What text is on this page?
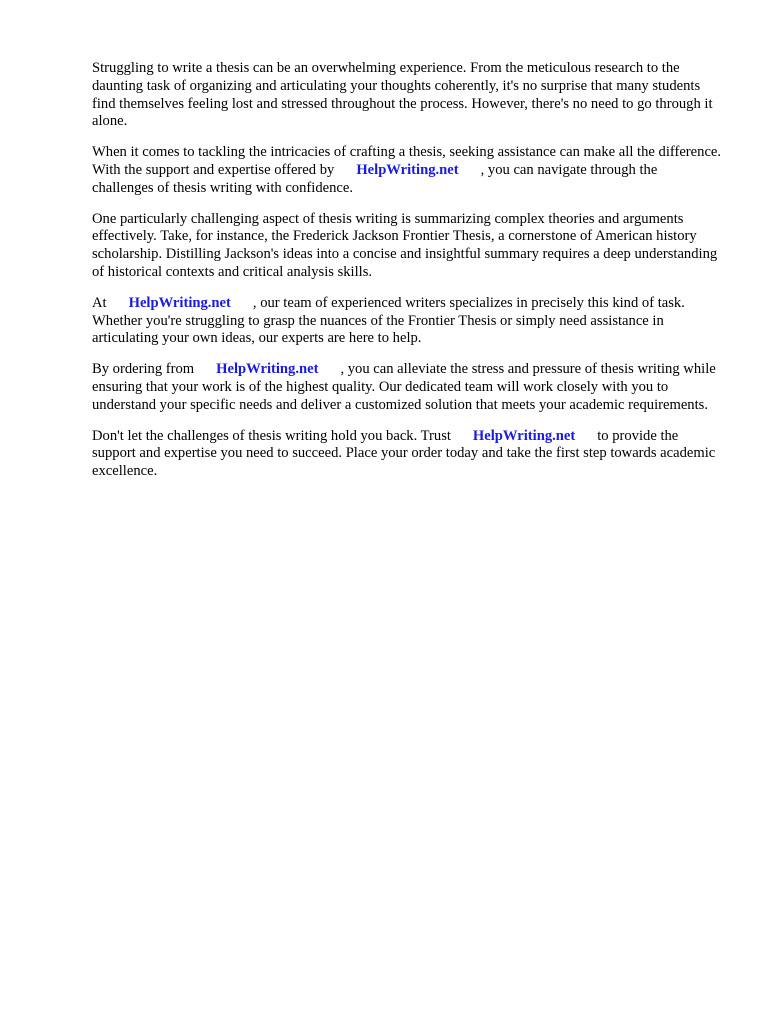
Struggling to write a thesis can be an overwhelming experience. From the meticulous research to the daunting task of organizing and articulating your thoughts coherently, it's no surprise that many students find themselves feeling lost and stressed throughout the process. However, there's no need to go through it alone.

When it comes to tackling the intricacies of crafting a thesis, seeking assistance can make all the difference. With the support and expertise offered by HelpWriting.net , you can navigate through the challenges of thesis writing with confidence.

One particularly challenging aspect of thesis writing is summarizing complex theories and arguments effectively. Take, for instance, the Frederick Jackson Frontier Thesis, a cornerstone of American history scholarship. Distilling Jackson's ideas into a concise and insightful summary requires a deep understanding of historical contexts and critical analysis skills.

At HelpWriting.net , our team of experienced writers specializes in precisely this kind of task. Whether you're struggling to grasp the nuances of the Frontier Thesis or simply need assistance in articulating your own ideas, our experts are here to help.

By ordering from HelpWriting.net , you can alleviate the stress and pressure of thesis writing while ensuring that your work is of the highest quality. Our dedicated team will work closely with you to understand your specific needs and deliver a customized solution that meets your academic requirements.

Don't let the challenges of thesis writing hold you back. Trust HelpWriting.net to provide the support and expertise you need to succeed. Place your order today and take the first step towards academic excellence.
